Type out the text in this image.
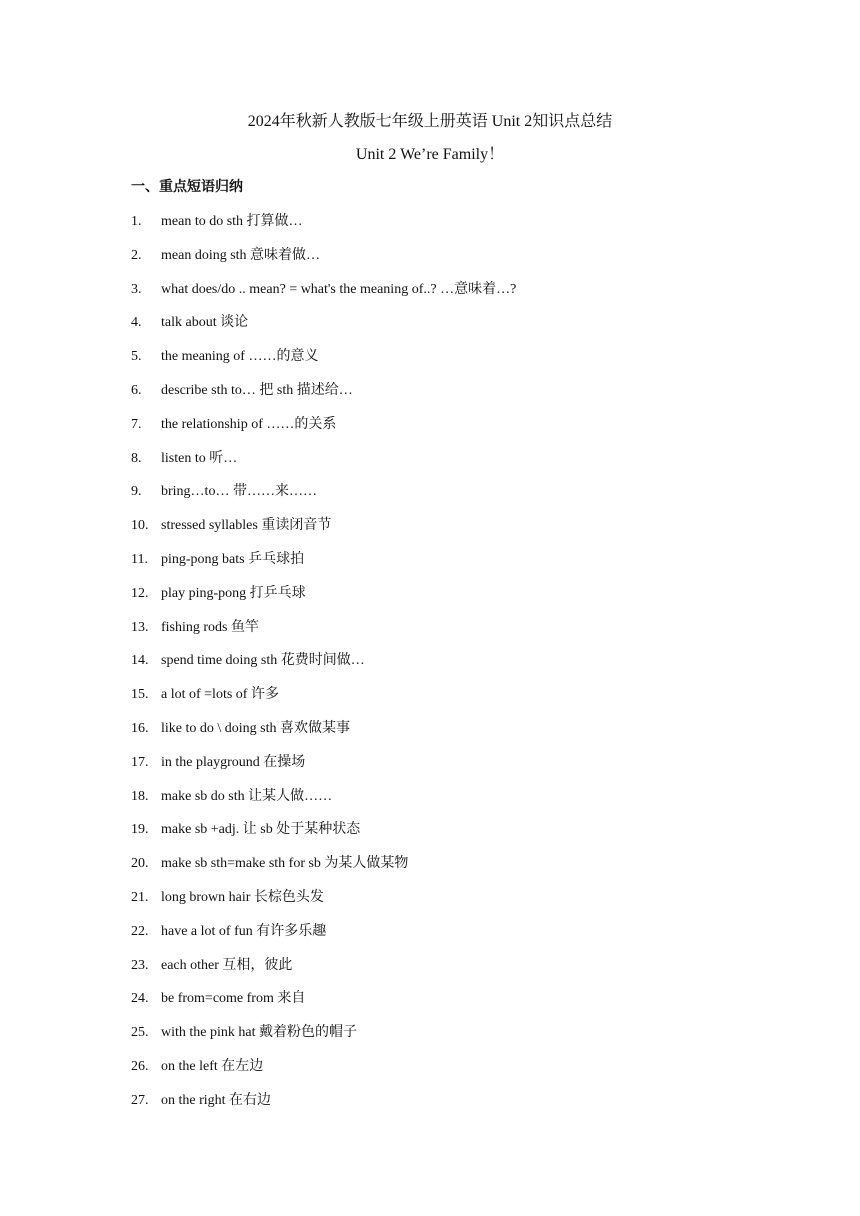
2024年秋新人教版七年级上册英语 Unit 2知识点总结
Unit 2 We’re Family！
一、重点短语归纳
1.	mean to do sth 打算做…
2.	mean doing sth 意味着做…
3.	what does/do .. mean? = what's the meaning of..? …意味着…?
4.	talk about 谈论
5.	the meaning of ……的意义
6.	describe sth to… 把 sth 描述给…
7.	the relationship of ……的关系
8.	listen to 听…
9.	bring…to… 带……来……
10. stressed syllables 重读闭音节
11. ping-pong bats 乒乓球拍
12. play ping-pong 打乒乓球
13. fishing rods 鱼竿
14. spend time doing sth 花费时间做…
15. a lot of =lots of 许多
16. like to do \ doing sth 喜欢做某事
17. in the playground 在操场
18. make sb do sth 让某人做……
19. make sb +adj. 让 sb 处于某种状态
20. make sb sth=make sth for sb 为某人做某物
21. long brown hair 长棕色头发
22. have a lot of fun 有许多乐趣
23. each other 互相，彼此
24. be from=come from 来自
25. with the pink hat 戴着粉色的帽子
26. on the left 在左边
27. on the right 在右边
